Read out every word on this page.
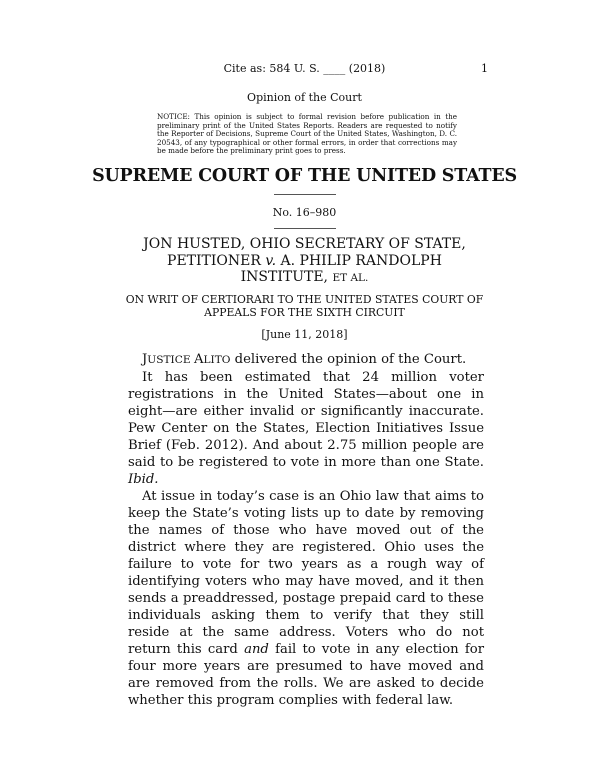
Cite as: 584 U. S. ____ (2018)	1
Opinion of the Court
NOTICE: This opinion is subject to formal revision before publication in the preliminary print of the United States Reports. Readers are requested to notify the Reporter of Decisions, Supreme Court of the United States, Washington, D. C. 20543, of any typographical or other formal errors, in order that corrections may be made before the preliminary print goes to press.
SUPREME COURT OF THE UNITED STATES
No. 16–980
JON HUSTED, OHIO SECRETARY OF STATE,
PETITIONER v. A. PHILIP RANDOLPH
INSTITUTE, ET AL.
ON WRIT OF CERTIORARI TO THE UNITED STATES COURT OF
APPEALS FOR THE SIXTH CIRCUIT
[June 11, 2018]

JUSTICE ALITO delivered the opinion of the Court.

It has been estimated that 24 million voter registrations in the United States—about one in eight—are either invalid or significantly inaccurate. Pew Center on the States, Election Initiatives Issue Brief (Feb. 2012). And about 2.75 million people are said to be registered to vote in more than one State. Ibid.

At issue in today’s case is an Ohio law that aims to keep the State’s voting lists up to date by removing the names of those who have moved out of the district where they are registered. Ohio uses the failure to vote for two years as a rough way of identifying voters who may have moved, and it then sends a preaddressed, postage prepaid card to these individuals asking them to verify that they still reside at the same address. Voters who do not return this card and fail to vote in any election for four more years are presumed to have moved and are removed from the rolls. We are asked to decide whether this program complies with federal law.
